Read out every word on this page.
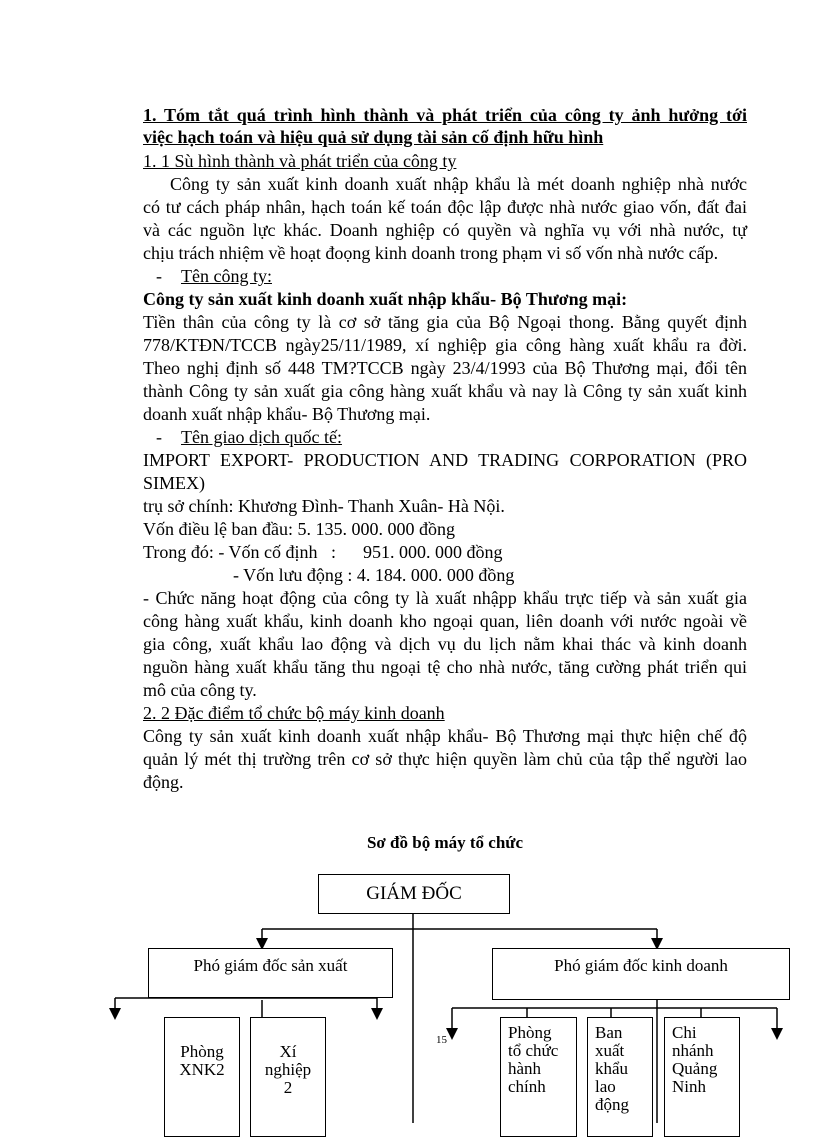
1. Tóm tắt quá trình hình thành và phát triển của công ty ảnh hưởng tới
việc hạch toán và hiệu quả sử dụng tài sản cố định hữu hình
1. 1 Sù hình thành và phát triển của công ty
Công ty sản xuất kinh doanh xuất nhập khẩu là mét doanh nghiệp nhà nước
có tư cách pháp nhân, hạch toán kế toán độc lập được nhà nước giao vốn, đất đai
và các nguồn lực khác. Doanh nghiệp có quyền và nghĩa vụ với nhà nước, tự
chịu trách nhiệm về hoạt đoọng kinh doanh trong phạm vi số vốn nhà nước cấp.
- Tên công ty:
Công ty sản xuất kinh doanh xuất nhập khẩu- Bộ Thương mại:
Tiền thân của công ty là cơ sở tăng gia của Bộ Ngoại thong. Bằng quyết định
778/KTĐN/TCCB ngày25/11/1989, xí nghiệp gia công hàng xuất khẩu ra đời.
Theo nghị định số 448 TM?TCCB ngày 23/4/1993 của Bộ Thương mại, đổi tên
thành Công ty sản xuất gia công hàng xuất khẩu và nay là Công ty sản xuất kinh
doanh xuất nhập khẩu- Bộ Thương mại.
- Tên giao dịch quốc tế:
IMPORT EXPORT- PRODUCTION AND TRADING CORPORATION (PRO
SIMEX)
trụ sở chính: Khương Đình- Thanh Xuân- Hà Nội.
Vốn điều lệ ban đầu: 5. 135. 000. 000 đồng
Trong đó: - Vốn cố định   :      951. 000. 000 đồng
- Vốn lưu động : 4. 184. 000. 000 đồng
- Chức năng hoạt động của công ty là xuất nhậpp khẩu trực tiếp và sản xuất gia
công hàng xuất khẩu, kinh doanh kho ngoại quan, liên doanh với nước ngoài về
gia công, xuất khẩu lao động và dịch vụ du lịch nằm khai thác và kinh doanh
nguồn hàng xuất khẩu tăng thu ngoại tệ cho nhà nước, tăng cường phát triển qui
mô của công ty.
2. 2 Đặc điểm tổ chức bộ máy kinh doanh
Công ty sản xuất kinh doanh xuất nhập khẩu- Bộ Thương mại thực hiện chế độ
quản lý mét thị trường trên cơ sở thực hiện quyền làm chủ của tập thể người lao
động.
Sơ đồ bộ máy tổ chức
GIÁM ĐỐC
Phó giám đốc sản xuất	Phó giám đốc kinh doanh
Phòng
XNK2
Xí
nghiệp
2
Phòng
tổ chức
hành
chính
Ban
xuất
khẩu
lao
động
Chi
nhánh
Quảng
Ninh
15
